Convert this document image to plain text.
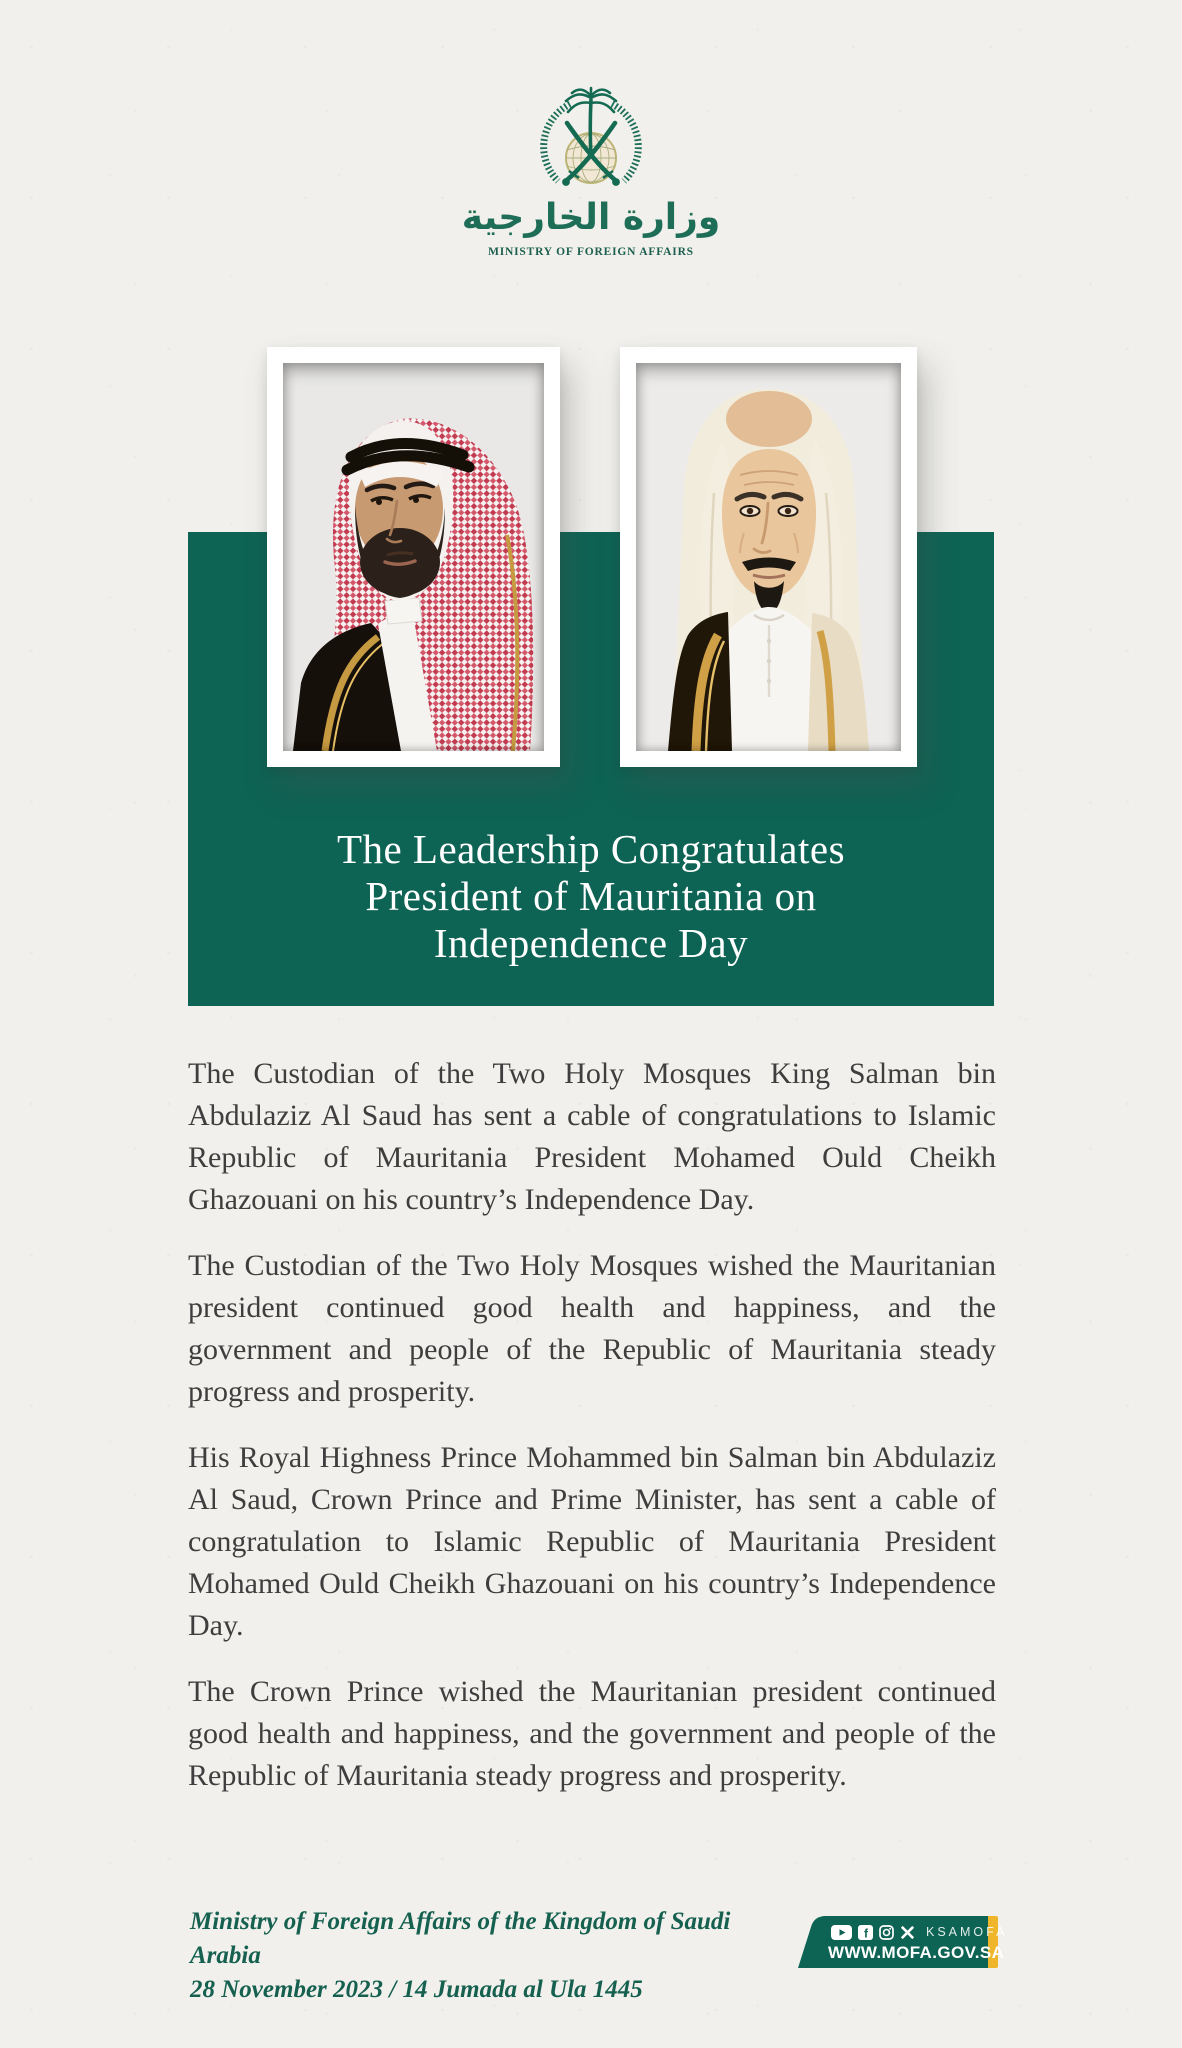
وزارة الخارجية
MINISTRY OF FOREIGN AFFAIRS
The Leadership Congratulates
President of Mauritania on
Independence Day

The Custodian of the Two Holy Mosques King Salman bin Abdulaziz Al Saud has sent a cable of congratulations to Islamic Republic of Mauritania President Mohamed Ould Cheikh Ghazouani on his country’s Independence Day.

The Custodian of the Two Holy Mosques wished the Mauritanian president continued good health and happiness, and the government and people of the Republic of Mauritania steady progress and prosperity.

His Royal Highness Prince Mohammed bin Salman bin Abdulaziz Al Saud, Crown Prince and Prime Minister, has sent a cable of congratulation to Islamic Republic of Mauritania President Mohamed Ould Cheikh Ghazouani on his country’s Independence Day.

The Crown Prince wished the Mauritanian president continued good health and happiness, and the government and people of the Republic of Mauritania steady progress and prosperity.

Ministry of Foreign Affairs of the Kingdom of Saudi Arabia
28 November 2023 / 14 Jumada al Ula 1445
f	KSAMOFA
WWW.MOFA.GOV.SA
